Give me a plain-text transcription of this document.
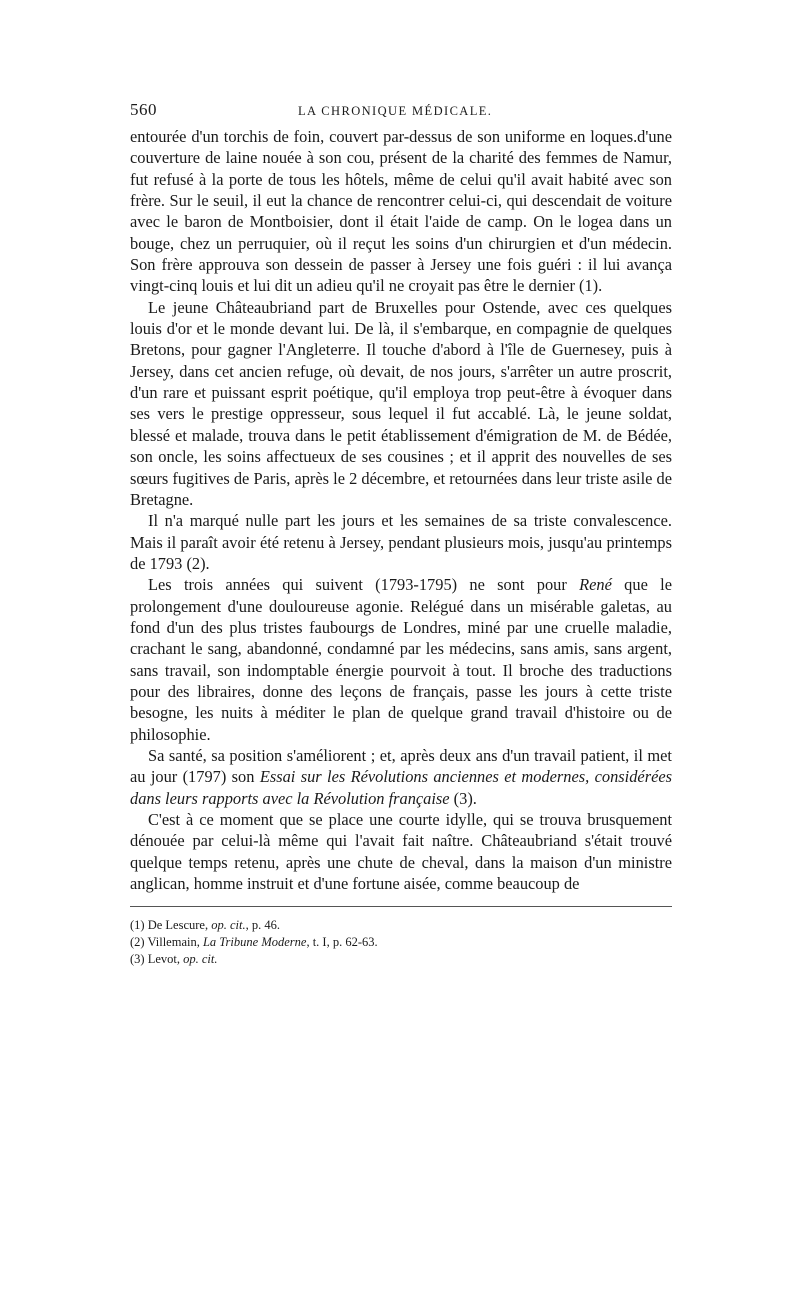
560	LA CHRONIQUE MÉDICALE.

entourée d'un torchis de foin, couvert par-dessus de son uniforme en loques.d'une couverture de laine nouée à son cou, présent de la charité des femmes de Namur, fut refusé à la porte de tous les hôtels, même de celui qu'il avait habité avec son frère. Sur le seuil, il eut la chance de rencontrer celui-ci, qui descendait de voiture avec le baron de Montboisier, dont il était l'aide de camp. On le logea dans un bouge, chez un perruquier, où il reçut les soins d'un chirurgien et d'un médecin. Son frère approuva son dessein de passer à Jersey une fois guéri : il lui avança vingt-cinq louis et lui dit un adieu qu'il ne croyait pas être le dernier (1).

Le jeune Châteaubriand part de Bruxelles pour Ostende, avec ces quelques louis d'or et le monde devant lui. De là, il s'embarque, en compagnie de quelques Bretons, pour gagner l'Angleterre. Il touche d'abord à l'île de Guernesey, puis à Jersey, dans cet ancien refuge, où devait, de nos jours, s'arrêter un autre proscrit, d'un rare et puissant esprit poétique, qu'il employa trop peut-être à évoquer dans ses vers le prestige oppresseur, sous lequel il fut accablé. Là, le jeune soldat, blessé et malade, trouva dans le petit établissement d'émigration de M. de Bédée, son oncle, les soins affectueux de ses cousines ; et il apprit des nouvelles de ses sœurs fugitives de Paris, après le 2 décembre, et retournées dans leur triste asile de Bretagne.

Il n'a marqué nulle part les jours et les semaines de sa triste convalescence. Mais il paraît avoir été retenu à Jersey, pendant plusieurs mois, jusqu'au printemps de 1793 (2).

Les trois années qui suivent (1793-1795) ne sont pour René que le prolongement d'une douloureuse agonie. Relégué dans un misérable galetas, au fond d'un des plus tristes faubourgs de Londres, miné par une cruelle maladie, crachant le sang, abandonné, condamné par les médecins, sans amis, sans argent, sans travail, son indomptable énergie pourvoit à tout. Il broche des traductions pour des libraires, donne des leçons de français, passe les jours à cette triste besogne, les nuits à méditer le plan de quelque grand travail d'histoire ou de philosophie.

Sa santé, sa position s'améliorent ; et, après deux ans d'un travail patient, il met au jour (1797) son Essai sur les Révolutions anciennes et modernes, considérées dans leurs rapports avec la Révolution française (3).

C'est à ce moment que se place une courte idylle, qui se trouva brusquement dénouée par celui-là même qui l'avait fait naître. Châteaubriand s'était trouvé quelque temps retenu, après une chute de cheval, dans la maison d'un ministre anglican, homme instruit et d'une fortune aisée, comme beaucoup de

(1) De Lescure, op. cit., p. 46.
(2) Villemain, La Tribune Moderne, t. I, p. 62-63.
(3) Levot, op. cit.
